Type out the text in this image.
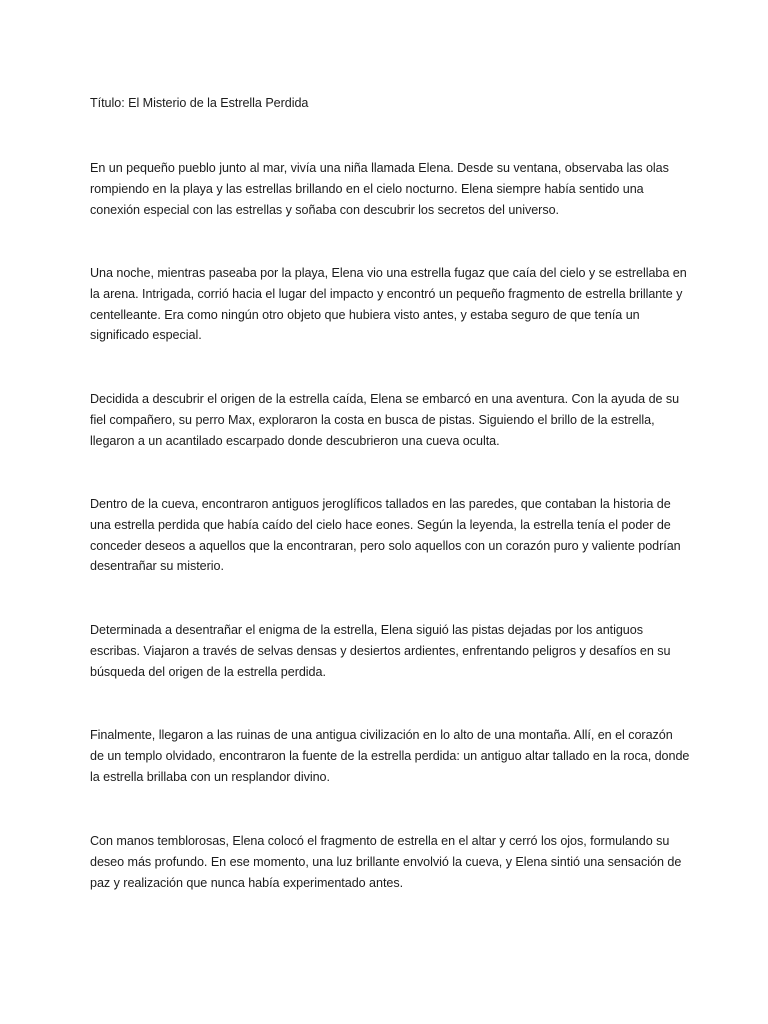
Título: El Misterio de la Estrella Perdida
En un pequeño pueblo junto al mar, vivía una niña llamada Elena. Desde su ventana, observaba las olas rompiendo en la playa y las estrellas brillando en el cielo nocturno. Elena siempre había sentido una conexión especial con las estrellas y soñaba con descubrir los secretos del universo.
Una noche, mientras paseaba por la playa, Elena vio una estrella fugaz que caía del cielo y se estrellaba en la arena. Intrigada, corrió hacia el lugar del impacto y encontró un pequeño fragmento de estrella brillante y centelleante. Era como ningún otro objeto que hubiera visto antes, y estaba seguro de que tenía un significado especial.
Decidida a descubrir el origen de la estrella caída, Elena se embarcó en una aventura. Con la ayuda de su fiel compañero, su perro Max, exploraron la costa en busca de pistas. Siguiendo el brillo de la estrella, llegaron a un acantilado escarpado donde descubrieron una cueva oculta.
Dentro de la cueva, encontraron antiguos jeroglíficos tallados en las paredes, que contaban la historia de una estrella perdida que había caído del cielo hace eones. Según la leyenda, la estrella tenía el poder de conceder deseos a aquellos que la encontraran, pero solo aquellos con un corazón puro y valiente podrían desentrañar su misterio.
Determinada a desentrañar el enigma de la estrella, Elena siguió las pistas dejadas por los antiguos escribas. Viajaron a través de selvas densas y desiertos ardientes, enfrentando peligros y desafíos en su búsqueda del origen de la estrella perdida.
Finalmente, llegaron a las ruinas de una antigua civilización en lo alto de una montaña. Allí, en el corazón de un templo olvidado, encontraron la fuente de la estrella perdida: un antiguo altar tallado en la roca, donde la estrella brillaba con un resplandor divino.
Con manos temblorosas, Elena colocó el fragmento de estrella en el altar y cerró los ojos, formulando su deseo más profundo. En ese momento, una luz brillante envolvió la cueva, y Elena sintió una sensación de paz y realización que nunca había experimentado antes.
